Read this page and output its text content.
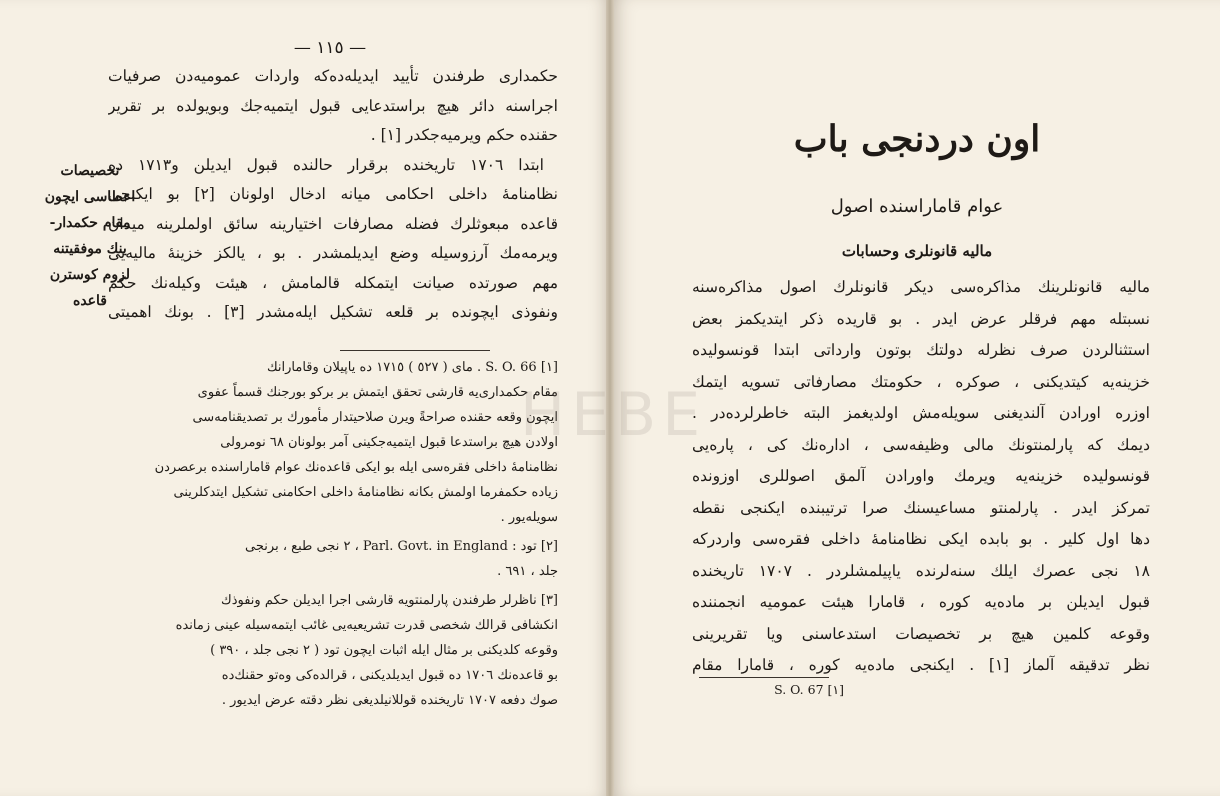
— ١١٥ —
حكمدارى طرفندن تأييد ايديله‌ده‌كه واردات عموميه‌دن صرفيات
اجراسنه دائر هيچ براستدعايى قبول ايتميه‌جك وبويولده بر تقرير
حقنده حكم ويرميه‌جكدر [١] .
ابتدا ١٧٠٦ تاريخنده برقرار حالنده قبول ايديلن و١٧١٣ ده
نظامنامهٔ داخلى احكامى ميانه ادخال اولونان [٢] بو ايكنجى
قاعده مبعوثلرك فضله مصارفات اختيارينه سائق اولملرينه ميدان
ويرمه‌مك آرزوسيله وضع ايديلمشدر . بو ، يالكز خزينهٔ ماليه‌يى
مهم صورتده صيانت ايتمكله قالمامش ، هيئت وكيله‌نك حكم
ونفوذى ايچونده بر قلعه تشكيل ايله‌مشدر [٣] . بونك اهميتى
تخصيصات
اعطاسى ايچون
مقام حكمدار-
ينك موفقيتنه
لزوم كوسترن
قاعده
[١] S. O. 66 . ماى ( ٥٢٧ ) ١٧١٥ ده ياپيلان وقامارانك
مقام حكمدارى‌يه قارشى تحقق ايتمش بر بركو بورجنك قسماً عفوى
ايچون وقعه حقنده صراحةً ويرن صلاحيتدار مأمورك بر تصديقنامه‌سى
اولادن هيچ براستدعا قبول ايتميه‌جكينى آمر بولونان ٦٨ نومرولى
نظامنامهٔ داخلى فقره‌سى ايله بو ايكى قاعده‌نك عوام قامارا‌سنده برعصردن
زياده حكمفرما اولمش بكانه نظامنامهٔ داخلى احكامنى تشكيل ايتدكلرينى
سويله‌يور .
[٢] تود : Parl. Govt. in England ، ٢ نجى طبع ، برنجى
جلد ، ٦٩١ .
[٣] ناظرلر طرفندن پارلمنتويه قارشى اجرا ايديلن حكم ونفوذك
انكشافى قرالك شخصى قدرت تشريعيه‌يى غائب ايتمه‌سيله عينى زمانده
وقوعه كلديكنى بر مثال ايله اثبات ايچون تود ( ٢ نجى جلد ، ٣٩٠ )
بو قاعده‌نك ١٧٠٦ ده قبول ايديلديكنى ، قرالده‌كى وه‌تو حقنك‌ده
صوك دفعه ١٧٠٧ تاريخنده قوللانيلديغى نظر دقته عرض ايديور .
اون دردنجى باب
عوام قاماراسنده اصول
ماليه قانونلرى وحسابات
ماليه قانونلرينك مذاكره‌سى ديكر قانونلرك اصول مذاكره‌سنه
نسبتله مهم فرقلر عرض ايدر . بو قاريده ذكر ايتديكمز بعض
استثنالردن صرف نظرله دولتك بوتون وارداتى ابتدا قونسوليده
خزينه‌يه كيتديكنى ، صوكره ، حكومتك مصارفاتى تسويه ايتمك
اوزره اورادن آلنديغنى سويله‌مش اولديغمز البته خاطرلرده‌در .
ديمك كه پارلمنتونك مالى وظيفه‌سى ، اداره‌نك كى ، پاره‌يى
قونسوليده خزينه‌يه ويرمك واورادن آلمق اصوللرى اوزونده
تمركز ايدر . پارلمنتو مساعيسنك صرا ترتيبنده ايكنجى نقطه
دها اول كلير . بو بابده ايكى نظامنامهٔ داخلى فقره‌سى واردركه
١٨ نجى عصرك ايلك سنه‌لرنده ياپيلمشلردر . ١٧٠٧ تاريخنده
قبول ايديلن بر ماده‌يه كوره ، قامارا هيئت عموميه انجمننده
وقوعه كلمين هيچ بر تخصيصات استدعاسنى ويا تقريرينى
نظر تدقيقه آلماز [١] . ايكنجى ماده‌يه كوره ، قامارا مقام
[١] S. O. 67
